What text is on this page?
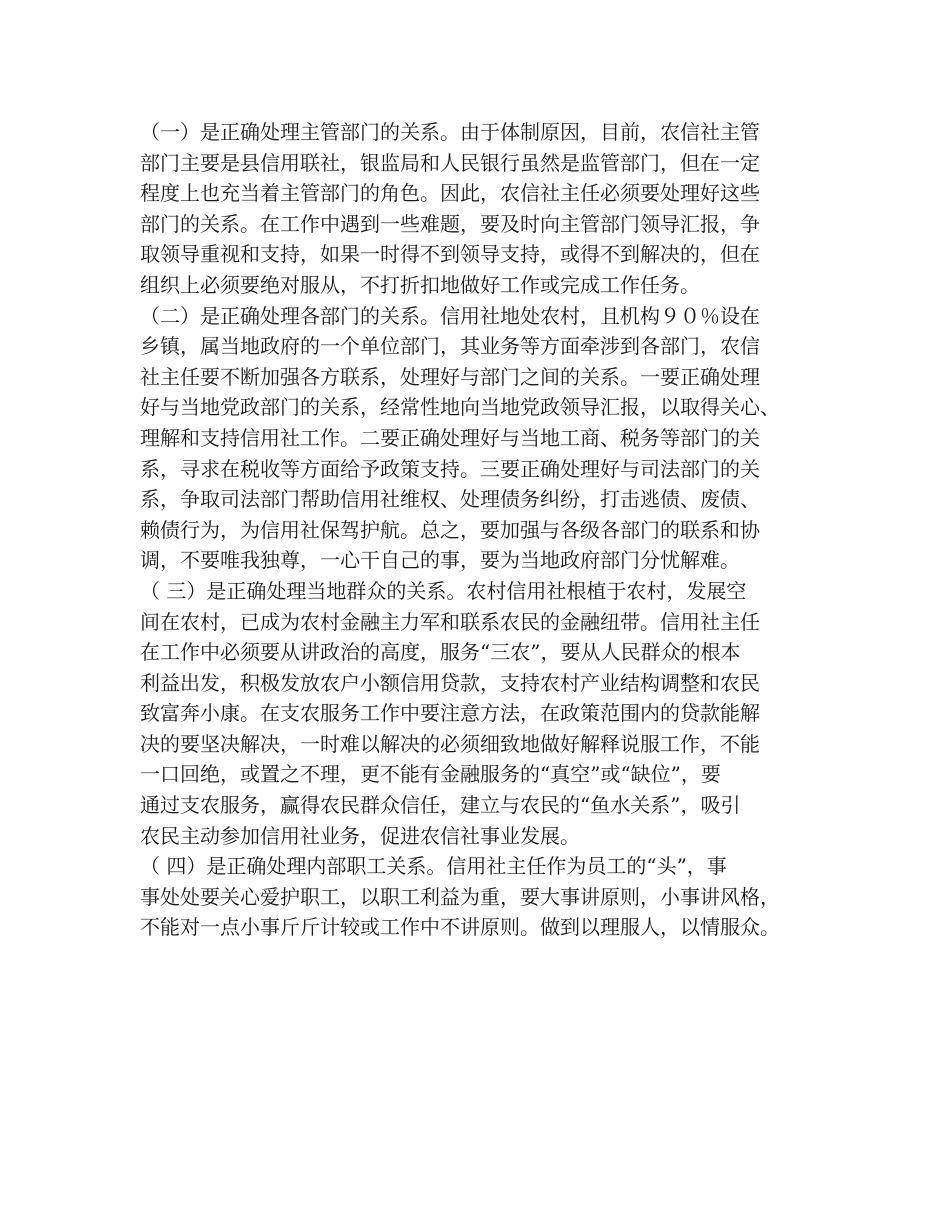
（一）是正确处理主管部门的关系。由于体制原因，目前，农信社主管
部门主要是县信用联社，银监局和人民银行虽然是监管部门，但在一定
程度上也充当着主管部门的角色。因此，农信社主任必须要处理好这些
部门的关系。在工作中遇到一些难题，要及时向主管部门领导汇报，争
取领导重视和支持，如果一时得不到领导支持，或得不到解决的，但在
组织上必须要绝对服从，不打折扣地做好工作或完成工作任务。
（二）是正确处理各部门的关系。信用社地处农村，且机构９０％设在
乡镇，属当地政府的一个单位部门，其业务等方面牵涉到各部门，农信
社主任要不断加强各方联系，处理好与部门之间的关系。一要正确处理
好与当地党政部门的关系，经常性地向当地党政领导汇报，以取得关心、
理解和支持信用社工作。二要正确处理好与当地工商、税务等部门的关
系，寻求在税收等方面给予政策支持。三要正确处理好与司法部门的关
系，争取司法部门帮助信用社维权、处理债务纠纷，打击逃债、废债、
赖债行为，为信用社保驾护航。总之，要加强与各级各部门的联系和协
调，不要唯我独尊，一心干自己的事，要为当地政府部门分忧解难。
（ 三）是正确处理当地群众的关系。农村信用社根植于农村，发展空
间在农村，已成为农村金融主力军和联系农民的金融纽带。信用社主任
在工作中必须要从讲政治的高度，服务“三农”，要从人民群众的根本
利益出发，积极发放农户小额信用贷款，支持农村产业结构调整和农民
致富奔小康。在支农服务工作中要注意方法，在政策范围内的贷款能解
决的要坚决解决，一时难以解决的必须细致地做好解释说服工作，不能
一口回绝，或置之不理，更不能有金融服务的“真空”或“缺位”，要
通过支农服务，赢得农民群众信任，建立与农民的“鱼水关系”，吸引
农民主动参加信用社业务，促进农信社事业发展。
（ 四）是正确处理内部职工关系。信用社主任作为员工的“头”，事
事处处要关心爱护职工，以职工利益为重，要大事讲原则，小事讲风格，
不能对一点小事斤斤计较或工作中不讲原则。做到以理服人，以情服众。
